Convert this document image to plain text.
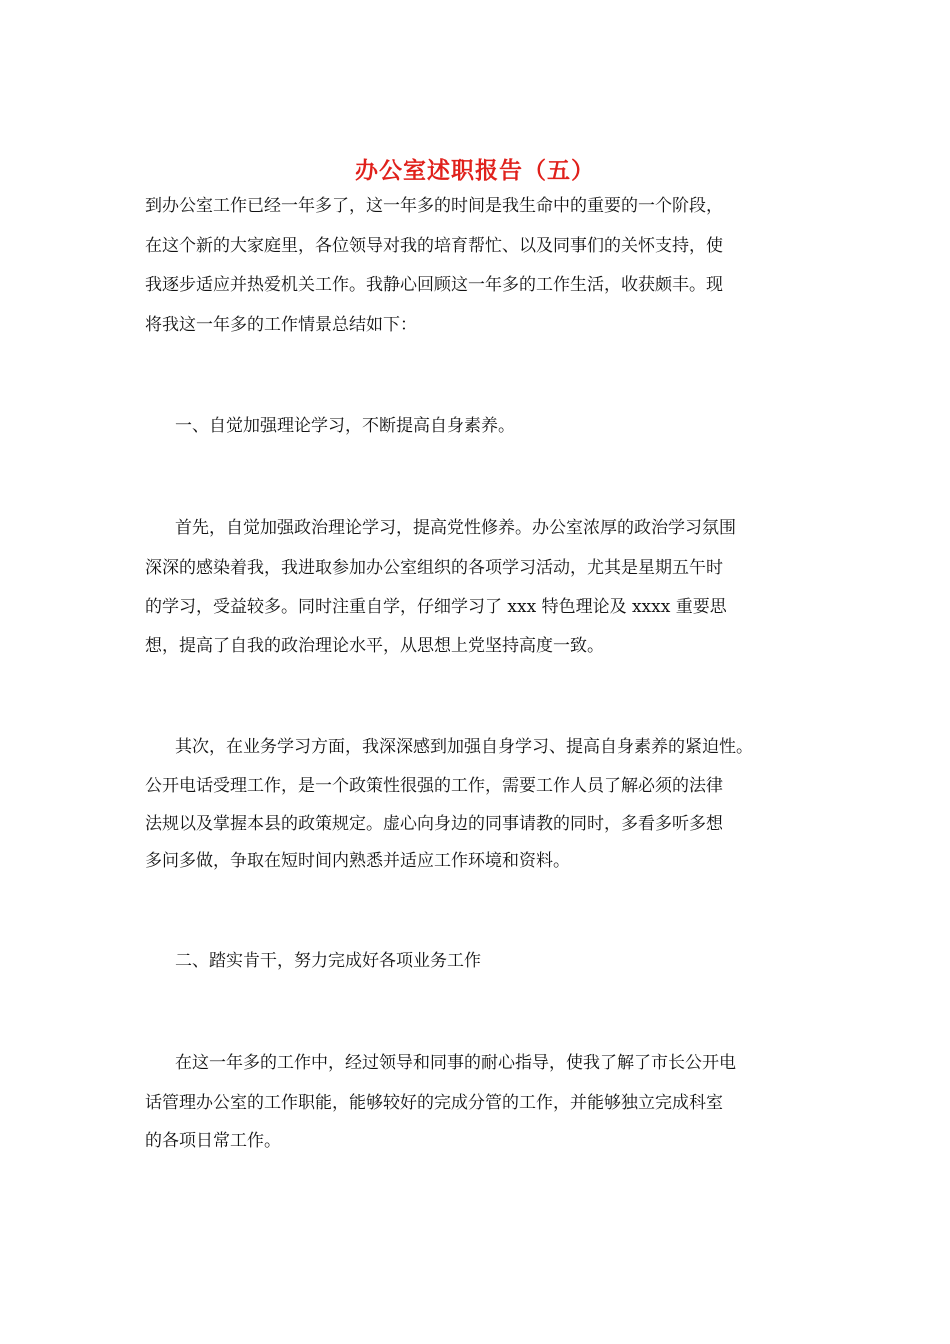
办公室述职报告（五）
到办公室工作已经一年多了，这一年多的时间是我生命中的重要的一个阶段，
在这个新的大家庭里，各位领导对我的培育帮忙、以及同事们的关怀支持，使
我逐步适应并热爱机关工作。我静心回顾这一年多的工作生活，收获颇丰。现
将我这一年多的工作情景总结如下：
一、自觉加强理论学习，不断提高自身素养。
首先，自觉加强政治理论学习，提高党性修养。办公室浓厚的政治学习氛围
深深的感染着我，我进取参加办公室组织的各项学习活动，尤其是星期五午时
的学习，受益较多。同时注重自学，仔细学习了 xxx 特色理论及 xxxx 重要思
想，提高了自我的政治理论水平，从思想上党坚持高度一致。
其次，在业务学习方面，我深深感到加强自身学习、提高自身素养的紧迫性。
公开电话受理工作，是一个政策性很强的工作，需要工作人员了解必须的法律
法规以及掌握本县的政策规定。虚心向身边的同事请教的同时，多看多听多想
多问多做，争取在短时间内熟悉并适应工作环境和资料。
二、踏实肯干，努力完成好各项业务工作
在这一年多的工作中，经过领导和同事的耐心指导，使我了解了市长公开电
话管理办公室的工作职能，能够较好的完成分管的工作，并能够独立完成科室
的各项日常工作。
